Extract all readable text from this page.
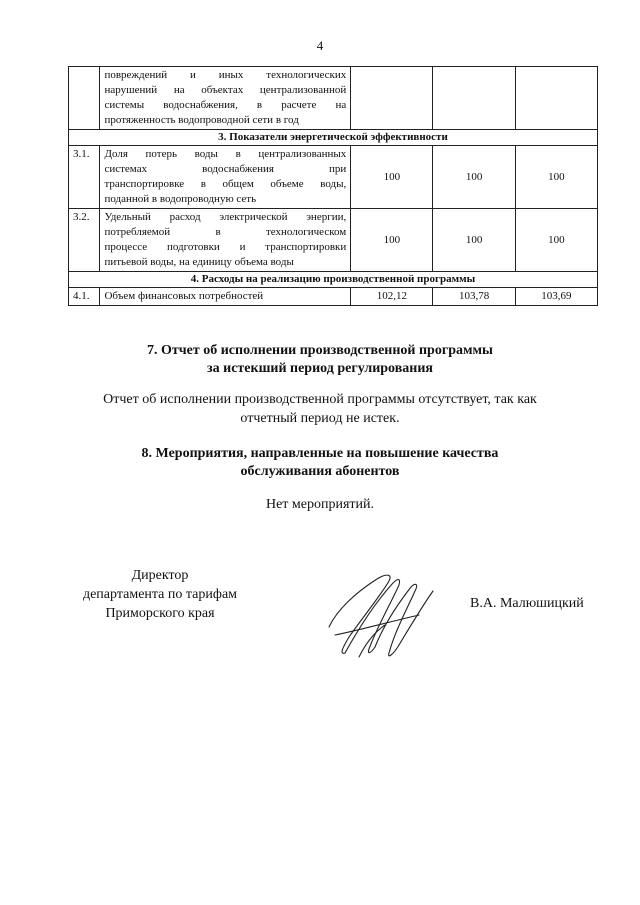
4

	повреждений и иных технологических
нарушений на объектах централизованной
системы водоснабжения, в расчете на
протяженность водопроводной сети в год			

3. Показатели энергетической эффективности				
3.1.	Доля потерь воды в централизованных
системах водоснабжения при
транспортировке в общем объеме воды,
поданной в водопроводную сеть	100	100	100
3.2.	Удельный расход электрической энергии,
потребляемой в технологическом
процессе подготовки и транспортировки
питьевой воды, на единицу объема воды	100	100	100
4. Расходы на реализацию производственной программы				
4.1.	Объем финансовых потребностей	102,12	103,78	103,69
7. Отчет об исполнении производственной программы
за истекший период регулирования
Отчет об исполнении производственной программы отсутствует, так как
отчетный период не истек.
8. Мероприятия, направленные на повышение качества
обслуживания абонентов
Нет мероприятий.
Директор
департамента по тарифам
Приморского края
В.А. Малюшицкий
